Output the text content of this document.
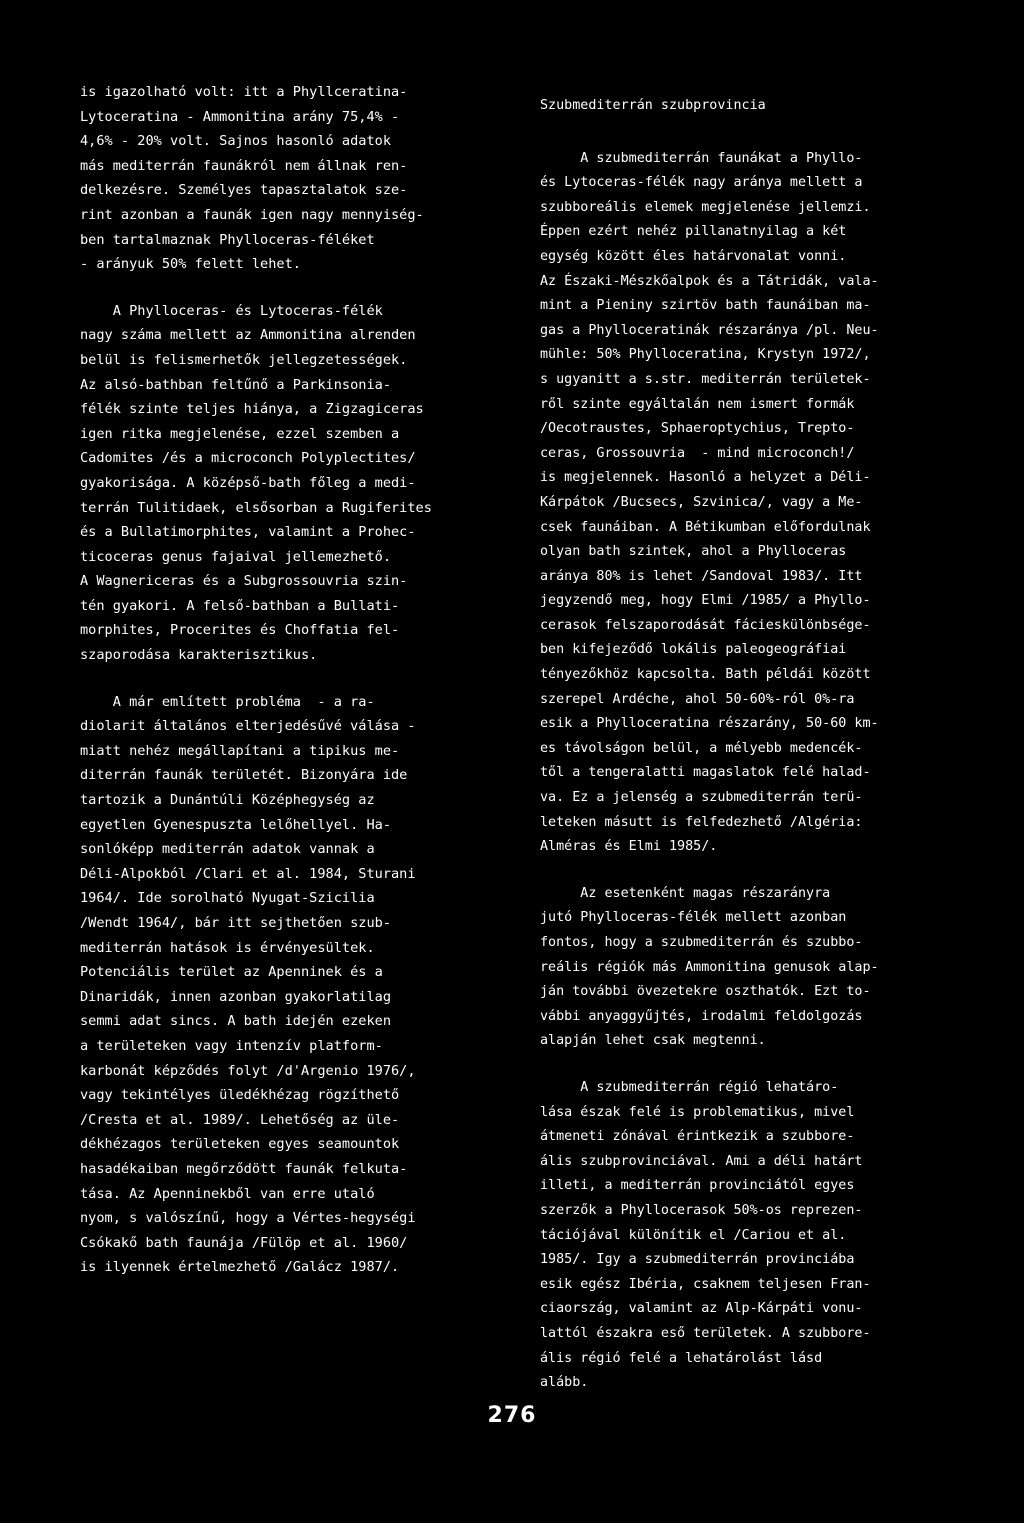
is igazolható volt: itt a Phyllceratina-
Lytoceratina - Ammonitina arány 75,4% -
4,6% - 20% volt. Sajnos hasonló adatok
más mediterrán faunákról nem állnak ren-
delkezésre. Személyes tapasztalatok sze-
rint azonban a faunák igen nagy mennyiség-
ben tartalmaznak Phylloceras-féléket
- arányuk 50% felett lehet.

A Phylloceras- és Lytoceras-félék
nagy száma mellett az Ammonitina alrenden
belül is felismerhetők jellegzetességek.
Az alsó-bathban feltűnő a Parkinsonia-
félék szinte teljes hiánya, a Zigzagiceras
igen ritka megjelenése, ezzel szemben a
Cadomites /és a microconch Polyplectites/
gyakorisága. A középső-bath főleg a medi-
terrán Tulitidaek, elsősorban a Rugiferites
és a Bullatimorphites, valamint a Prohec-
ticoceras genus fajaival jellemezhető.
A Wagnericeras és a Subgrossouvria szin-
tén gyakori. A felső-bathban a Bullati-
morphites, Procerites és Choffatia fel-
szaporodása karakterisztikus.

A már említett probléma  - a ra-
diolarit általános elterjedésűvé válása -
miatt nehéz megállapítani a tipikus me-
diterrán faunák területét. Bizonyára ide
tartozik a Dunántúli Középhegység az
egyetlen Gyenespuszta lelőhellyel. Ha-
sonlóképp mediterrán adatok vannak a
Déli-Alpokból /Clari et al. 1984, Sturani
1964/. Ide sorolható Nyugat-Szicilia
/Wendt 1964/, bár itt sejthetően szub-
mediterrán hatások is érvényesültek.
Potenciális terület az Apenninek és a
Dinaridák, innen azonban gyakorlatilag
semmi adat sincs. A bath idején ezeken
a területeken vagy intenzív platform-
karbonát képződés folyt /d'Argenio 1976/,
vagy tekintélyes üledékhézag rögzíthető
/Cresta et al. 1989/. Lehetőség az üle-
dékhézagos területeken egyes seamountok
hasadékaiban megőrződött faunák felkuta-
tása. Az Apenninekből van erre utaló
nyom, s valószínű, hogy a Vértes-hegységi
Csókakő bath faunája /Fülöp et al. 1960/
is ilyennek értelmezhető /Galácz 1987/.

Szubmediterrán szubprovincia

A szubmediterrán faunákat a Phyllo-
és Lytoceras-félék nagy aránya mellett a
szubboreális elemek megjelenése jellemzi.
Éppen ezért nehéz pillanatnyilag a két
egység között éles határvonalat vonni.
Az Északi-Mészkőalpok és a Tátridák, vala-
mint a Pieniny szirtöv bath faunáiban ma-
gas a Phylloceratinák részaránya /pl. Neu-
mühle: 50% Phylloceratina, Krystyn 1972/,
s ugyanitt a s.str. mediterrán területek-
ről szinte egyáltalán nem ismert formák
/Oecotraustes, Sphaeroptychius, Trepto-
ceras, Grossouvria  - mind microconch!/
is megjelennek. Hasonló a helyzet a Déli-
Kárpátok /Bucsecs, Szvinica/, vagy a Me-
csek faunáiban. A Bétikumban előfordulnak
olyan bath szintek, ahol a Phylloceras
aránya 80% is lehet /Sandoval 1983/. Itt
jegyzendő meg, hogy Elmi /1985/ a Phyllo-
cerasok felszaporodását fácieskülönbsége-
ben kifejeződő lokális paleogeográfiai
tényezőkhöz kapcsolta. Bath példái között
szerepel Ardéche, ahol 50-60%-ról 0%-ra
esik a Phylloceratina részarány, 50-60 km-
es távolságon belül, a mélyebb medencék-
től a tengeralatti magaslatok felé halad-
va. Ez a jelenség a szubmediterrán terü-
leteken másutt is felfedezhető /Algéria:
Alméras és Elmi 1985/.

Az esetenként magas részarányra
jutó Phylloceras-félék mellett azonban
fontos, hogy a szubmediterrán és szubbo-
reális régiók más Ammonitina genusok alap-
ján további övezetekre oszthatók. Ezt to-
vábbi anyaggyűjtés, irodalmi feldolgozás
alapján lehet csak megtenni.

A szubmediterrán régió lehatáro-
lása észak felé is problematikus, mivel
átmeneti zónával érintkezik a szubbore-
ális szubprovinciával. Ami a déli határt
illeti, a mediterrán provinciától egyes
szerzők a Phyllocerasok 50%-os reprezen-
tációjával különítik el /Cariou et al.
1985/. Igy a szubmediterrán provinciába
esik egész Ibéria, csaknem teljesen Fran-
ciaország, valamint az Alp-Kárpáti vonu-
lattól északra eső területek. A szubbore-
ális régió felé a lehatárolást lásd
alább.

276
